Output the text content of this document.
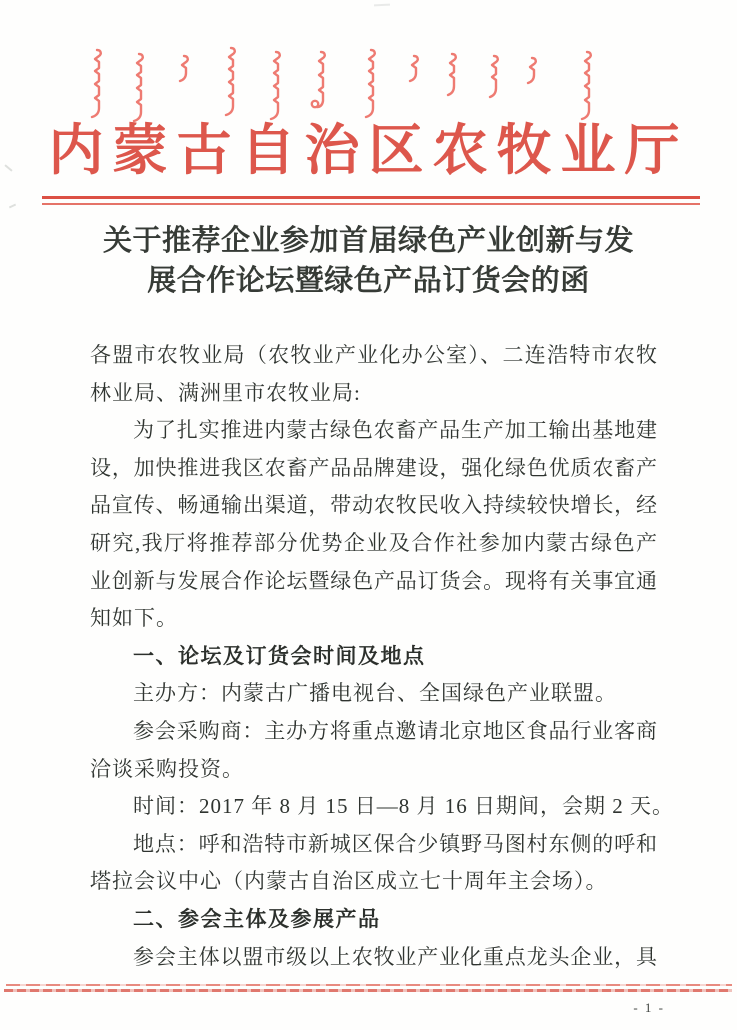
内蒙古自治区农牧业厅
关于推荐企业参加首届绿色产业创新与发
展合作论坛暨绿色产品订货会的函
各盟市农牧业局（农牧业产业化办公室）、二连浩特市农牧
林业局、满洲里市农牧业局:
为了扎实推进内蒙古绿色农畜产品生产加工输出基地建
设，加快推进我区农畜产品品牌建设，强化绿色优质农畜产
品宣传、畅通输出渠道，带动农牧民收入持续较快增长，经
研究,我厅将推荐部分优势企业及合作社参加内蒙古绿色产
业创新与发展合作论坛暨绿色产品订货会。现将有关事宜通
知如下。
一、论坛及订货会时间及地点
主办方：内蒙古广播电视台、全国绿色产业联盟。
参会采购商：主办方将重点邀请北京地区食品行业客商
洽谈采购投资。
时间：2017 年 8 月 15 日—8 月 16 日期间，会期 2 天。
地点：呼和浩特市新城区保合少镇野马图村东侧的呼和
塔拉会议中心（内蒙古自治区成立七十周年主会场）。
二、参会主体及参展产品
参会主体以盟市级以上农牧业产业化重点龙头企业，具
- 1 -
